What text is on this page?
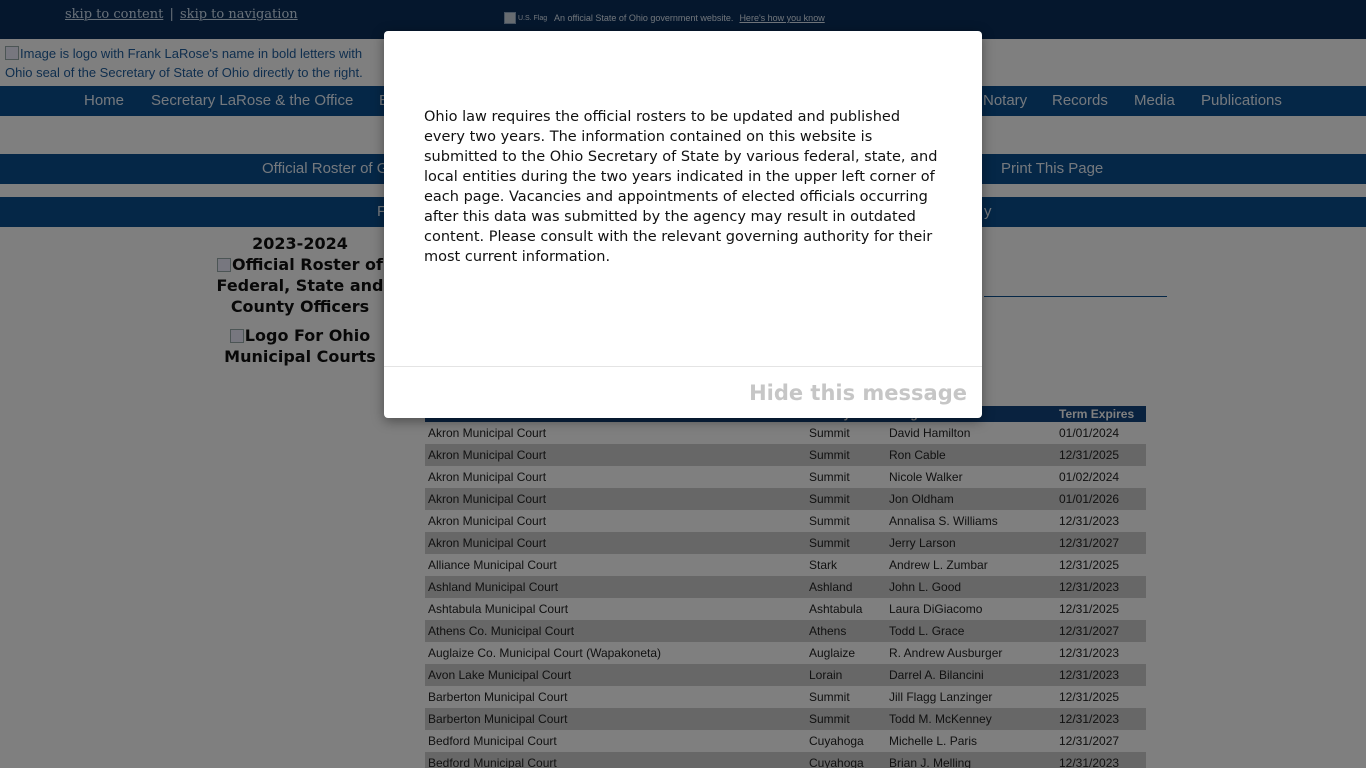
Ohio law requires the official rosters to be updated and published every two years. The information contained on this website is submitted to the Ohio Secretary of State by various federal, state, and local entities during the two years indicated in the upper left corner of each page. Vacancies and appointments of elected officials occurring after this data was submitted by the agency may result in outdated content. Please consult with the relevant governing authority for their most current information.

Hide this message
